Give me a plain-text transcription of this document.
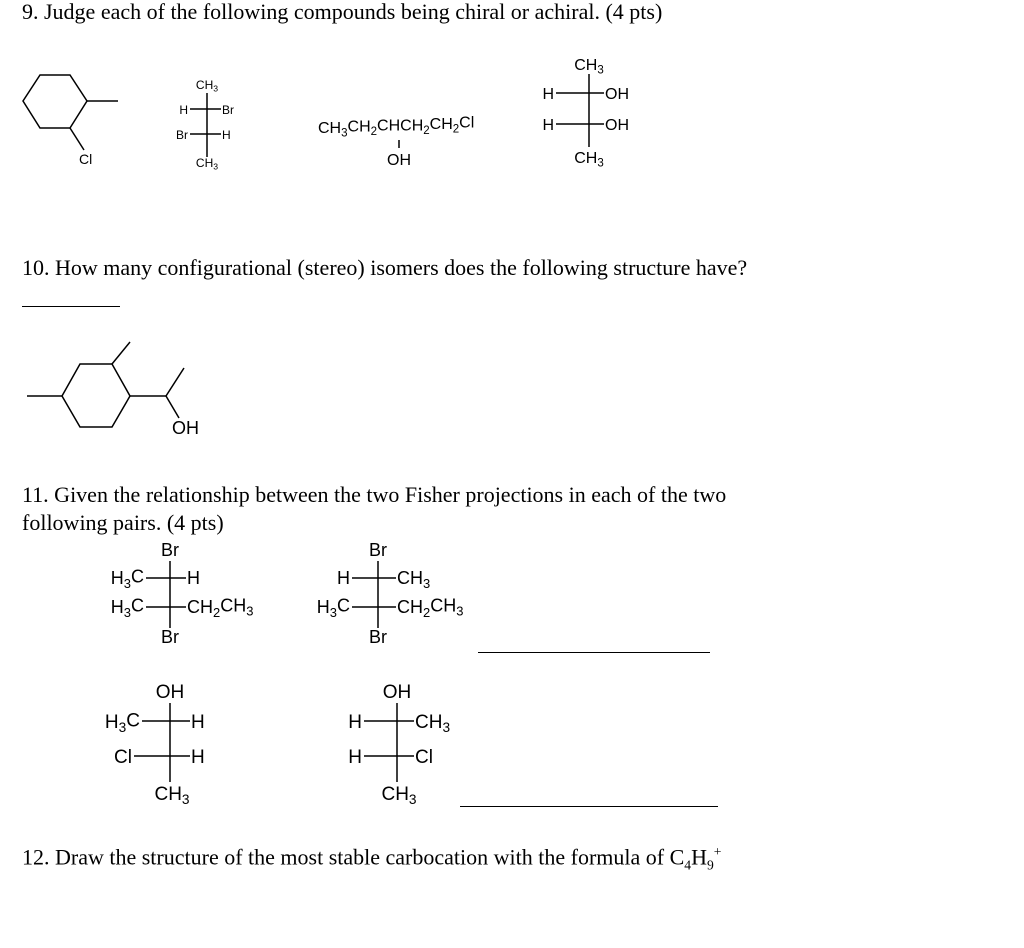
9. Judge each of the following compounds being chiral or achiral. (4 pts)
10. How many configurational (stereo) isomers does the following structure have?
11. Given the relationship between the two Fisher projections in each of the two
following pairs. (4 pts)
12. Draw the structure of the most stable carbocation with the formula of $C_4H_9^+$
Cl
$CH_3$
H	Br
Br	H
$CH_3$
$CH_3CH_2CHCH_2CH_2Cl$
OH
$CH_3$
H	OH
H	OH
$CH_3$
OH
Br
$H_3C$ H
$H_3C$ $CH_2CH_3$
Br
Br
H	$CH_3$
$H_3C$	$CH_2CH_3$
Br
OH
$H_3C$	H
Cl	H
$CH_3$
OH
H	$CH_3$
H	Cl
$CH_3$
